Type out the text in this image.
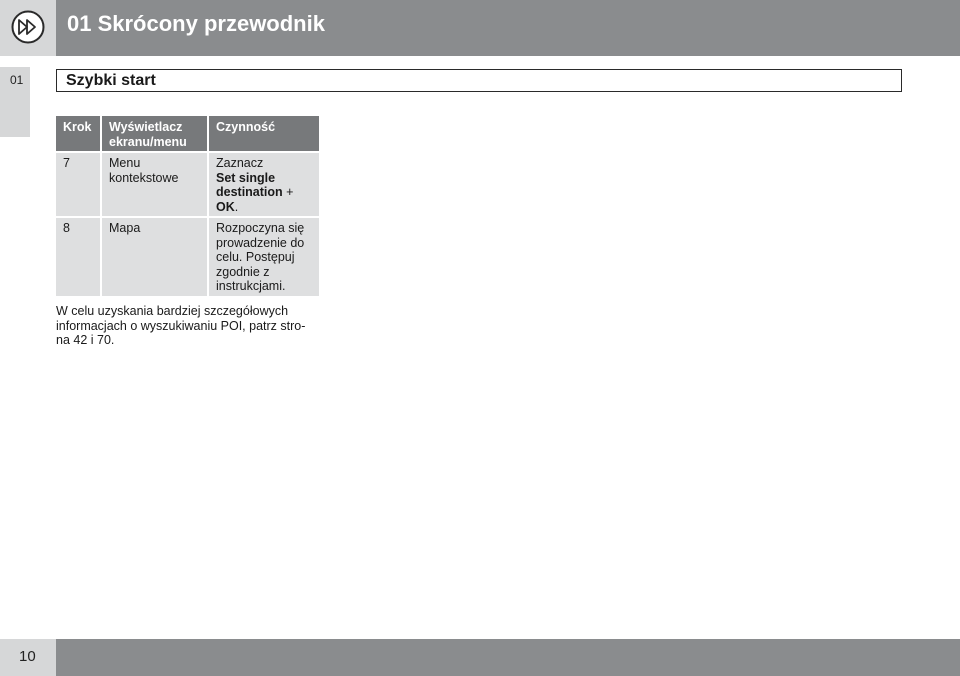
01 Skrócony przewodnik
01	Szybki start
Krok	Wyświetlacz ekranu/menu	Czynność
7	Menu kontekstowe	Zaznacz
Set single destination + OK.
8	Mapa	Rozpoczyna się prowadzenie do celu. Postępuj zgodnie z instrukcjami.
W celu uzyskania bardziej szczegółowych
informacjach o wyszukiwaniu POI, patrz stro-
na 42 i 70.
10
